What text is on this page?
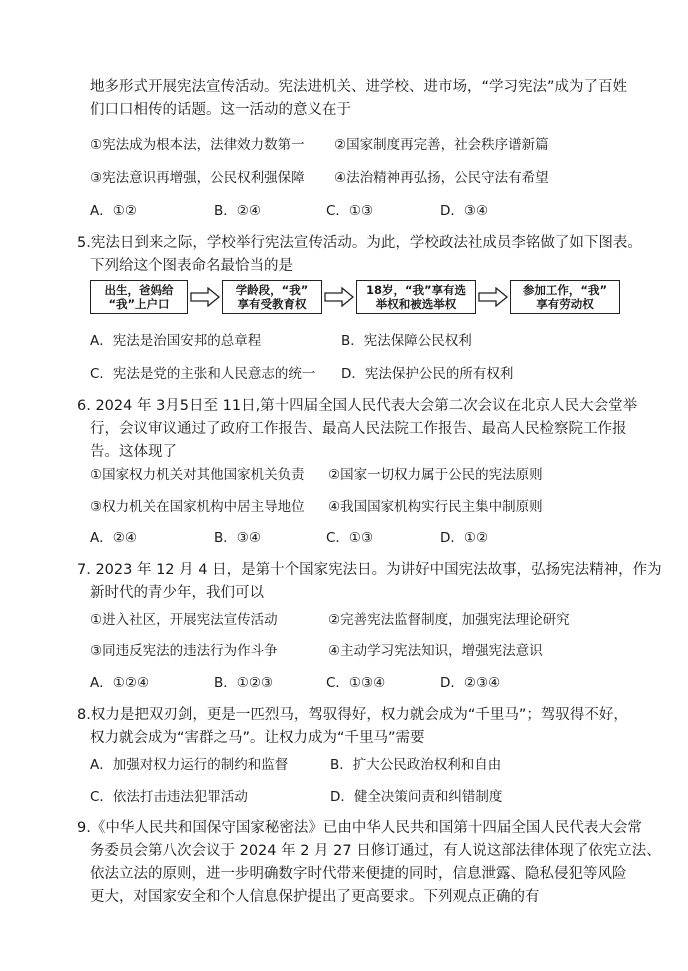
地多形式开展宪法宣传活动。宪法进机关、进学校、进市场，“学习宪法”成为了百姓
们口口相传的话题。这一活动的意义在于
①宪法成为根本法，法律效力数第一 ②国家制度再完善，社会秩序谱新篇
③宪法意识再增强，公民权利强保障 ④法治精神再弘扬，公民守法有希望
A．①②	B．②④	C．①③	D．③④
5.宪法日到来之际，学校举行宪法宣传活动。为此，学校政法社成员李铭做了如下图表。
下列给这个图表命名最恰当的是
出生，爸妈给
“我”上户口
学龄段，“我”
享有受教育权
18岁，“我”享有选
举权和被选举权
参加工作，“我”
享有劳动权
A．宪法是治国安邦的总章程	B．宪法保障公民权利
C．宪法是党的主张和人民意志的统一 D．宪法保护公民的所有权利
6. 2024 年 3月5日至 11日,第十四届全国人民代表大会第二次会议在北京人民大会堂举
行，会议审议通过了政府工作报告、最高人民法院工作报告、最高人民检察院工作报
告。这体现了
①国家权力机关对其他国家机关负责 ②国家一切权力属于公民的宪法原则
③权力机关在国家机构中居主导地位 ④我国国家机构实行民主集中制原则
A．②④	B．③④	C．①③	D．①②
7. 2023 年 12 月 4 日，是第十个国家宪法日。为讲好中国宪法故事，弘扬宪法精神，作为
新时代的青少年，我们可以
①进入社区，开展宪法宣传活动	②完善宪法监督制度，加强宪法理论研究
③同违反宪法的违法行为作斗争	④主动学习宪法知识，增强宪法意识
A．①②④	B．①②③	C．①③④	D．②③④
8.权力是把双刃剑，更是一匹烈马，驾驭得好，权力就会成为“千里马”；驾驭得不好，
权力就会成为“害群之马”。让权力成为“千里马”需要
A．加强对权力运行的制约和监督	B．扩大公民政治权利和自由
C．依法打击违法犯罪活动	D．健全决策问责和纠错制度
9.《中华人民共和国保守国家秘密法》已由中华人民共和国第十四届全国人民代表大会常
务委员会第八次会议于 2024 年 2 月 27 日修订通过，有人说这部法律体现了依宪立法、
依法立法的原则，进一步明确数字时代带来便捷的同时，信息泄露、隐私侵犯等风险
更大，对国家安全和个人信息保护提出了更高要求。下列观点正确的有
